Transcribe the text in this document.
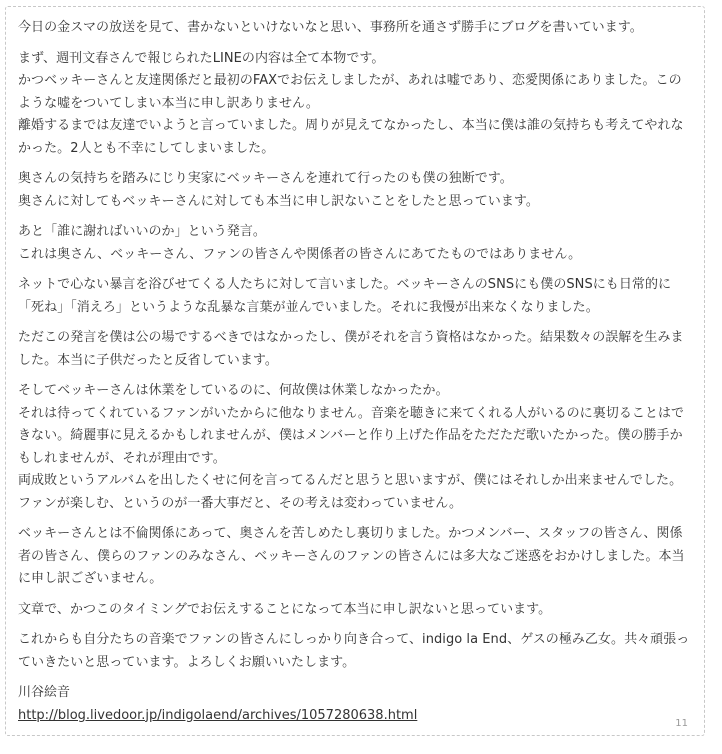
今日の金スマの放送を見て、書かないといけないなと思い、事務所を通さず勝手にブログを書いています。

まず、週刊文春さんで報じられたLINEの内容は全て本物です。
かつベッキーさんと友達関係だと最初のFAXでお伝えしましたが、あれは嘘であり、恋愛関係にありました。このような嘘をついてしまい本当に申し訳ありません。
離婚するまでは友達でいようと言っていました。周りが見えてなかったし、本当に僕は誰の気持ちも考えてやれなかった。2人とも不幸にしてしまいました。

奥さんの気持ちを踏みにじり実家にベッキーさんを連れて行ったのも僕の独断です。
奥さんに対してもベッキーさんに対しても本当に申し訳ないことをしたと思っています。

あと「誰に謝ればいいのか」という発言。
これは奥さん、ベッキーさん、ファンの皆さんや関係者の皆さんにあてたものではありません。

ネットで心ない暴言を浴びせてくる人たちに対して言いました。ベッキーさんのSNSにも僕のSNSにも日常的に「死ね」「消えろ」というような乱暴な言葉が並んでいました。それに我慢が出来なくなりました。

ただこの発言を僕は公の場でするべきではなかったし、僕がそれを言う資格はなかった。結果数々の誤解を生みました。本当に子供だったと反省しています。

そしてベッキーさんは休業をしているのに、何故僕は休業しなかったか。
それは待ってくれているファンがいたからに他なりません。音楽を聴きに来てくれる人がいるのに裏切ることはできない。綺麗事に見えるかもしれませんが、僕はメンバーと作り上げた作品をただただ歌いたかった。僕の勝手かもしれませんが、それが理由です。
両成敗というアルバムを出したくせに何を言ってるんだと思うと思いますが、僕にはそれしか出来ませんでした。ファンが楽しむ、というのが一番大事だと、その考えは変わっていません。

ベッキーさんとは不倫関係にあって、奥さんを苦しめたし裏切りました。かつメンバー、スタッフの皆さん、関係者の皆さん、僕らのファンのみなさん、ベッキーさんのファンの皆さんには多大なご迷惑をおかけしました。本当に申し訳ございません。

文章で、かつこのタイミングでお伝えすることになって本当に申し訳ないと思っています。

これからも自分たちの音楽でファンの皆さんにしっかり向き合って、indigo la End、ゲスの極み乙女。共々頑張っていきたいと思っています。よろしくお願いいたします。

川谷絵音

http://blog.livedoor.jp/indigolaend/archives/1057280638.html
11
